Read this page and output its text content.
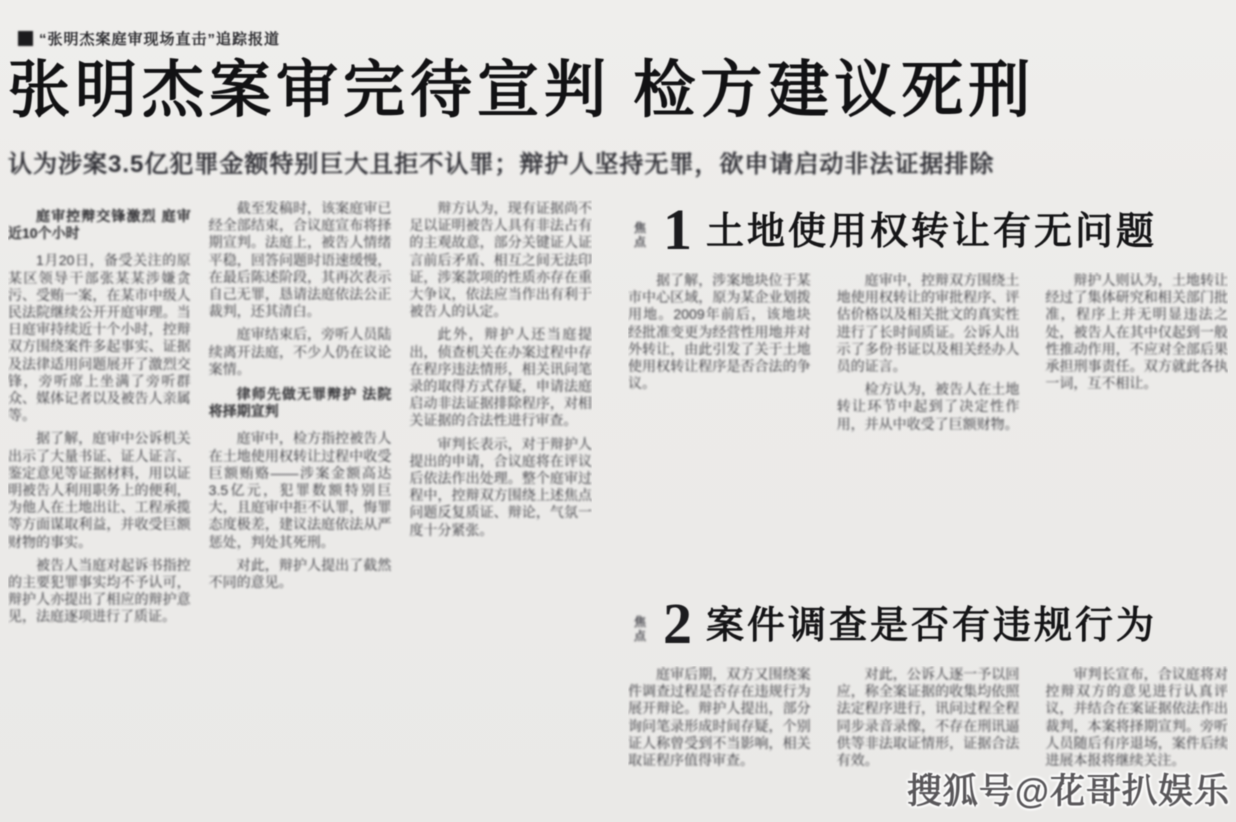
“张明杰案庭审现场直击”追踪报道
张明杰案审完待宣判 检方建议死刑
认为涉案3.5亿犯罪金额特别巨大且拒不认罪；辩护人坚持无罪，欲申请启动非法证据排除

庭审控辩交锋激烈 庭审近10个小时

1月20日，备受关注的原某区领导干部张某某涉嫌贪污、受贿一案，在某市中级人民法院继续公开开庭审理。当日庭审持续近十个小时，控辩双方围绕案件多起事实、证据及法律适用问题展开了激烈交锋，旁听席上坐满了旁听群众、媒体记者以及被告人亲属等。

据了解，庭审中公诉机关出示了大量书证、证人证言、鉴定意见等证据材料，用以证明被告人利用职务上的便利，为他人在土地出让、工程承揽等方面谋取利益，并收受巨额财物的事实。

被告人当庭对起诉书指控的主要犯罪事实均不予认可，辩护人亦提出了相应的辩护意见，法庭逐项进行了质证。

截至发稿时，该案庭审已经全部结束，合议庭宣布将择期宣判。法庭上，被告人情绪平稳，回答问题时语速缓慢，在最后陈述阶段，其再次表示自己无罪，恳请法庭依法公正裁判，还其清白。

庭审结束后，旁听人员陆续离开法庭，不少人仍在议论案情。

律师先做无罪辩护 法院将择期宣判

庭审中，检方指控被告人在土地使用权转让过程中收受巨额贿赂——涉案金额高达3.5亿元，犯罪数额特别巨大，且庭审中拒不认罪，悔罪态度极差，建议法庭依法从严惩处，判处其死刑。

对此，辩护人提出了截然不同的意见。

辩方认为，现有证据尚不足以证明被告人具有非法占有的主观故意，部分关键证人证言前后矛盾、相互之间无法印证，涉案款项的性质亦存在重大争议，依法应当作出有利于被告人的认定。

此外，辩护人还当庭提出，侦查机关在办案过程中存在程序违法情形，相关讯问笔录的取得方式存疑，申请法庭启动非法证据排除程序，对相关证据的合法性进行审查。

审判长表示，对于辩护人提出的申请，合议庭将在评议后依法作出处理。整个庭审过程中，控辩双方围绕上述焦点问题反复质证、辩论，气氛一度十分紧张。

焦点 1 土地使用权转让有无问题

据了解，涉案地块位于某市中心区域，原为某企业划拨用地。2009年前后，该地块经批准变更为经营性用地并对外转让，由此引发了关于土地使用权转让程序是否合法的争议。

庭审中，控辩双方围绕土地使用权转让的审批程序、评估价格以及相关批文的真实性进行了长时间质证。公诉人出示了多份书证以及相关经办人员的证言。

检方认为，被告人在土地转让环节中起到了决定性作用，并从中收受了巨额财物。

辩护人则认为，土地转让经过了集体研究和相关部门批准，程序上并无明显违法之处，被告人在其中仅起到一般性推动作用，不应对全部后果承担刑事责任。双方就此各执一词，互不相让。

焦点 2 案件调查是否有违规行为

庭审后期，双方又围绕案件调查过程是否存在违规行为展开辩论。辩护人提出，部分询问笔录形成时间存疑，个别证人称曾受到不当影响，相关取证程序值得审查。

对此，公诉人逐一予以回应，称全案证据的收集均依照法定程序进行，讯问过程全程同步录音录像，不存在刑讯逼供等非法取证情形，证据合法有效。

审判长宣布，合议庭将对控辩双方的意见进行认真评议，并结合在案证据依法作出裁判，本案将择期宣判。旁听人员随后有序退场，案件后续进展本报将继续关注。

搜狐号@花哥扒娱乐
